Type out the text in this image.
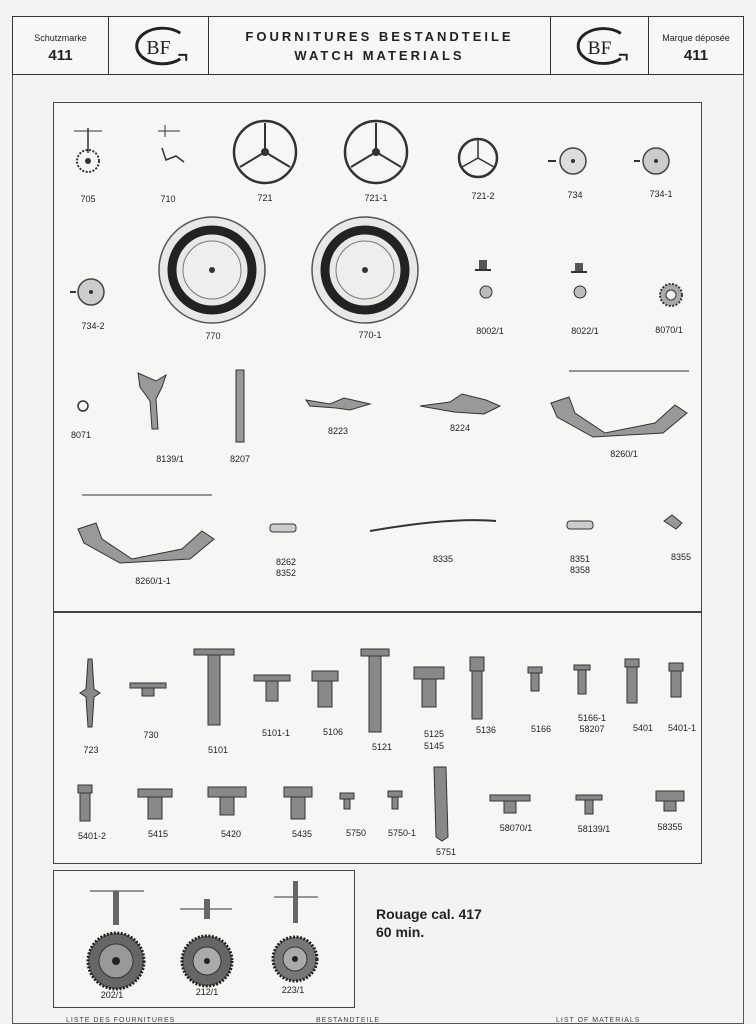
Schutzmarke
411	BF
FOURNITURES BESTANDTEILE
WATCH MATERIALS	BF	Marque déposée
411
705	710	721	721-1	721-2	734	734-1
734-2
770	770-1	8002/1	8022/1	8070/1
8071
8139/1	8207
8223	8224
8260/1
8260/1-1
8262
8352
8335	8351
8358
8355
723
730
5101
5101-1	5106
5121
5125
5145
5136	5166
5166-1
58207	5401	5401-1
5401-2	5415	5420	5435	5750	5750-1
5751
58070/1	58139/1	58355
202/1	212/1	223/1
Rouage cal. 417
60 min.
LISTE DES FOURNITURES	BESTANDTEILE	LIST OF MATERIALS
